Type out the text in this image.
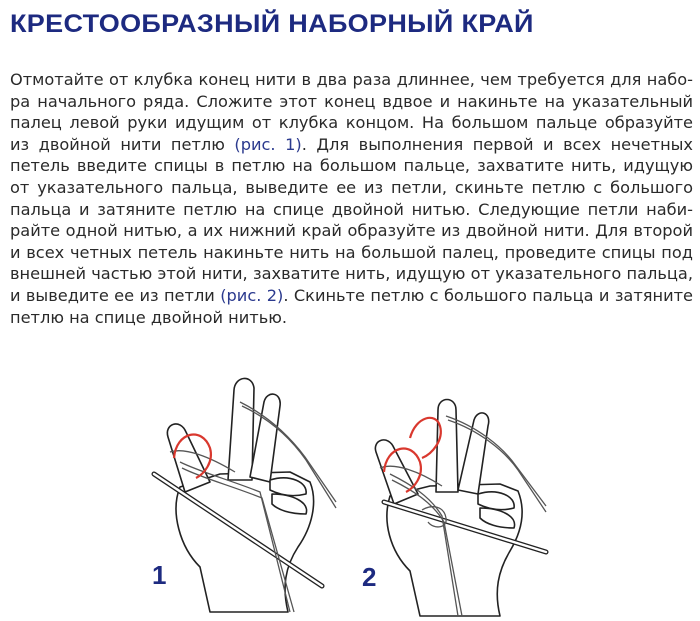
КРЕСТООБРАЗНЫЙ НАБОРНЫЙ КРАЙ
Отмотайте от клубка конец нити в два раза длиннее, чем требуется для набо-
ра начального ряда. Сложите этот конец вдвое и накиньте на указательный
палец левой руки идущим от клубка концом. На большом пальце образуйте
из двойной нити петлю (рис. 1). Для выполнения первой и всех нечетных
петель введите спицы в петлю на большом пальце, захватите нить, идущую
от указательного пальца, выведите ее из петли, скиньте петлю с большого
пальца и затяните петлю на спице двойной нитью. Следующие петли наби-
райте одной нитью, а их нижний край образуйте из двойной нити. Для второй
и всех четных петель накиньте нить на большой палец, проведите спицы под
внешней частью этой нити, захватите нить, идущую от указательного пальца,
и выведите ее из петли (рис. 2). Скиньте петлю с большого пальца и затяните
петлю на спице двойной нитью.
1	2
